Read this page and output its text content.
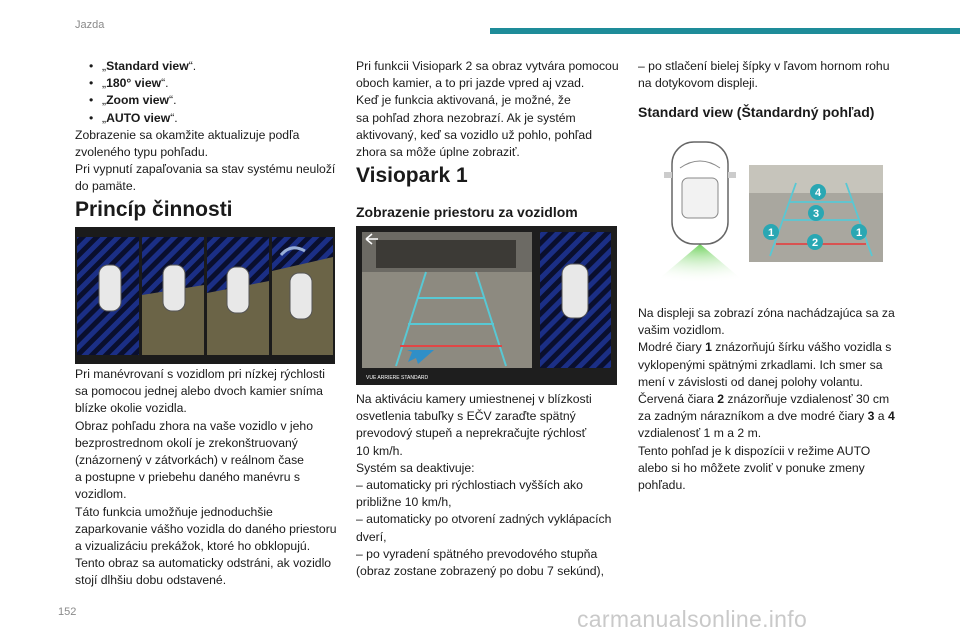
Jazda
• „Standard view“.
• „180° view“.
• „Zoom view“.
• „AUTO view“.

Zobrazenie sa okamžite aktualizuje podľa

zvoleného typu pohľadu.

Pri vypnutí zapaľovania sa stav systému neuloží

do pamäte.

Princíp činnosti

Pri manévrovaní s vozidlom pri nízkej rýchlosti

sa pomocou jednej alebo dvoch kamier sníma

blízke okolie vozidla.

Obraz pohľadu zhora na vaše vozidlo v jeho

bezprostrednom okolí je zrekonštruovaný

(znázornený v zátvorkách) v reálnom čase

a postupne v priebehu daného manévru s

vozidlom.

Táto funkcia umožňuje jednoduchšie

zaparkovanie vášho vozidla do daného priestoru

a vizualizáciu prekážok, ktoré ho obklopujú.

Tento obraz sa automaticky odstráni, ak vozidlo

stojí dlhšiu dobu odstavené.

Pri funkcii Visiopark 2 sa obraz vytvára pomocou

oboch kamier, a to pri jazde vpred aj vzad.

Keď je funkcia aktivovaná, je možné, že

sa pohľad zhora nezobrazí. Ak je systém

aktivovaný, keď sa vozidlo už pohlo, pohľad

zhora sa môže úplne zobraziť.

Visiopark 1
Zobrazenie priestoru za vozidlom
VUE ARRIERE STANDARD

Na aktiváciu kamery umiestnenej v blízkosti

osvetlenia tabuľky s EČV zaraďte spätný

prevodový stupeň a neprekračujte rýchlosť

10 km/h.

Systém sa deaktivuje:

– automaticky pri rýchlostiach vyšších ako

približne 10 km/h,

– automaticky po otvorení zadných vyklápacích

dverí,

– po vyradení spätného prevodového stupňa

(obraz zostane zobrazený po dobu 7 sekúnd),

– po stlačení bielej šípky v ľavom hornom rohu

na dotykovom displeji.

Standard view (Štandardný pohľad)
4
3
1
2
1

Na displeji sa zobrazí zóna nachádzajúca sa za

vašim vozidlom.

Modré čiary 1 znázorňujú šírku vášho vozidla s

vyklopenými spätnými zrkadlami. Ich smer sa

mení v závislosti od danej polohy volantu.

Červená čiara 2 znázorňuje vzdialenosť 30 cm

za zadným nárazníkom a dve modré čiary 3 a 4

vzdialenosť 1 m a 2 m.

Tento pohľad je k dispozícii v režime AUTO

alebo si ho môžete zvoliť v ponuke zmeny

pohľadu.

152	carmanualsonline.info
